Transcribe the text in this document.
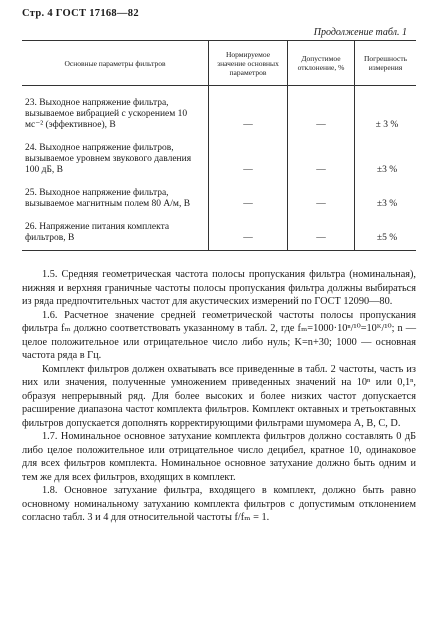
Стр. 4 ГОСТ 17168—82
Продолжение табл. 1
Основные параметры фильтров	Нормируемое значение основных параметров	Допустимое отклонение, %	Погрешность измерения
23. Выходное напряжение фильтра, вызываемое вибрацией с ускорением 10 мс⁻² (эффективное), В	—	—	± 3 %
24. Выходное напряжение фильтров, вызываемое уровнем звукового давления 100 дБ, В	—	—	±3 %
25. Выходное напряжение фильтра, вызываемое магнитным полем 80 А/м, В	—	—	±3 %
26. Напряжение питания комплекта фильтров, В	—	—	±5 %

1.5. Средняя геометрическая частота полосы пропускания фильтра (номинальная), нижняя и верхняя граничные частоты полосы пропускания фильтра должны выбираться из ряда предпочтительных частот для акустических измерений по ГОСТ 12090—80.

1.6. Расчетное значение средней геометрической частоты полосы пропускания фильтра fₘ должно соответствовать указанному в табл. 2, где fₘ=1000·10ⁿ/¹⁰=10ᴷ/¹⁰; n — целое положительное или отрицательное число либо нуль; K=n+30; 1000 — основная частота ряда в Гц.

Комплект фильтров должен охватывать все приведенные в табл. 2 частоты, часть из них или значения, полученные умножением приведенных значений на 10ⁿ или 0,1ⁿ, образуя непрерывный ряд. Для более высоких и более низких частот допускается расширение диапазона частот комплекта фильтров. Комплект октавных и третьоктавных фильтров допускается дополнять корректирующими фильтрами шумомера А, В, С, D.

1.7. Номинальное основное затухание комплекта фильтров должно составлять 0 дБ либо целое положительное или отрицательное число децибел, кратное 10, одинаковое для всех фильтров комплекта. Номинальное основное затухание должно быть одним и тем же для всех фильтров, входящих в комплект.

1.8. Основное затухание фильтра, входящего в комплект, должно быть равно основному номинальному затуханию комплекта фильтров с допустимым отклонением согласно табл. 3 и 4 для относительной частоты f/fₘ = 1.
